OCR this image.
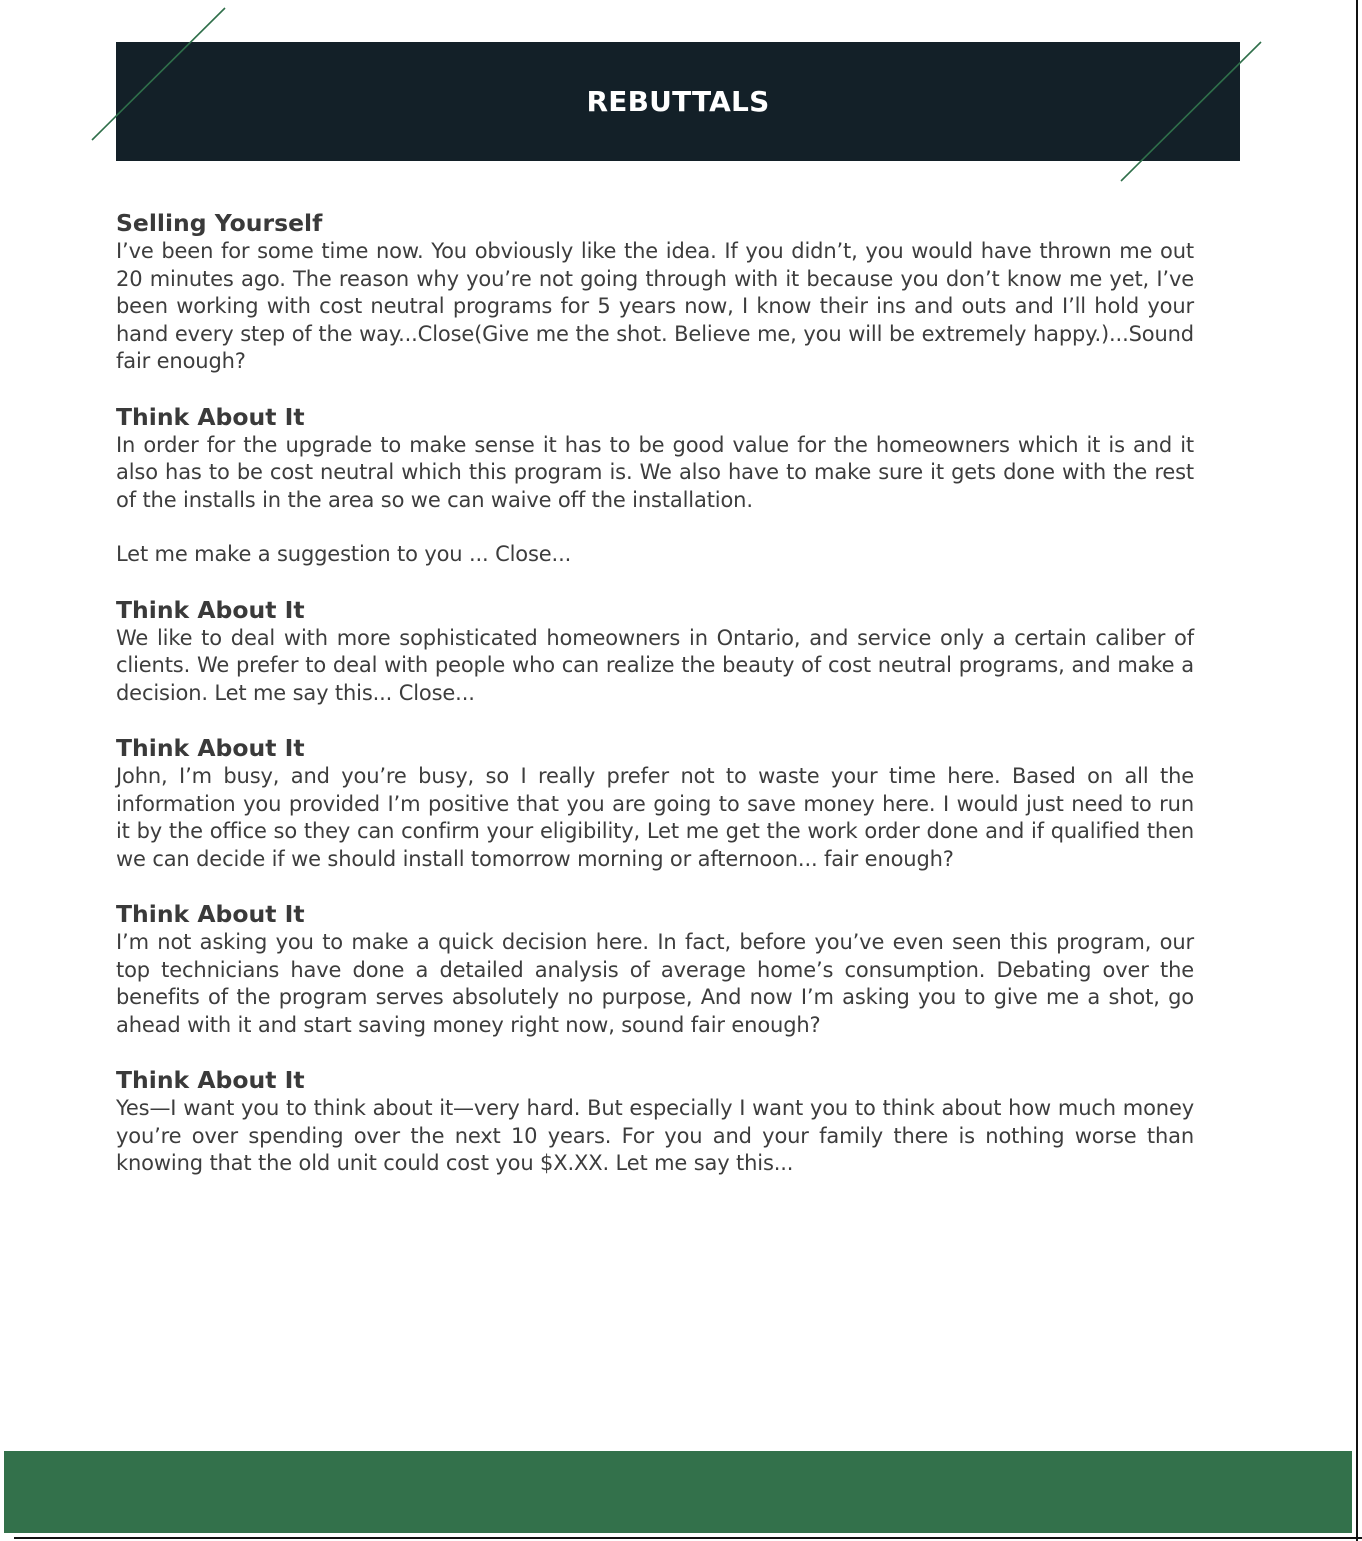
REBUTTALS
Selling Yourself

I’ve been for some time now. You obviously like the idea. If you didn’t, you would have thrown me out 20 minutes ago. The reason why you’re not going through with it because you don’t know me yet, I’ve been working with cost neutral programs for 5 years now, I know their ins and outs and I’ll hold your hand every step of the way...Close(Give me the shot. Believe me, you will be extremely happy.)...Sound fair enough?

Think About It

In order for the upgrade to make sense it has to be good value for the homeowners which it is and it also has to be cost neutral which this program is. We also have to make sure it gets done with the rest of the installs in the area so we can waive off the installation.

Let me make a suggestion to you ... Close...

Think About It

We like to deal with more sophisticated homeowners in Ontario, and service only a certain caliber of clients. We prefer to deal with people who can realize the beauty of cost neutral programs, and make a decision. Let me say this... Close...

Think About It

John, I’m busy, and you’re busy, so I really prefer not to waste your time here. Based on all the information you provided I’m positive that you are going to save money here. I would just need to run it by the office so they can confirm your eligibility, Let me get the work order done and if qualified then we can decide if we should install tomorrow morning or afternoon... fair enough?

Think About It

I’m not asking you to make a quick decision here. In fact, before you’ve even seen this program, our top technicians have done a detailed analysis of average home’s consumption. Debating over the benefits of the program serves absolutely no purpose, And now I’m asking you to give me a shot, go ahead with it and start saving money right now, sound fair enough?

Think About It

Yes—I want you to think about it—very hard. But especially I want you to think about how much money you’re over spending over the next 10 years. For you and your family there is nothing worse than knowing that the old unit could cost you $X.XX. Let me say this...
